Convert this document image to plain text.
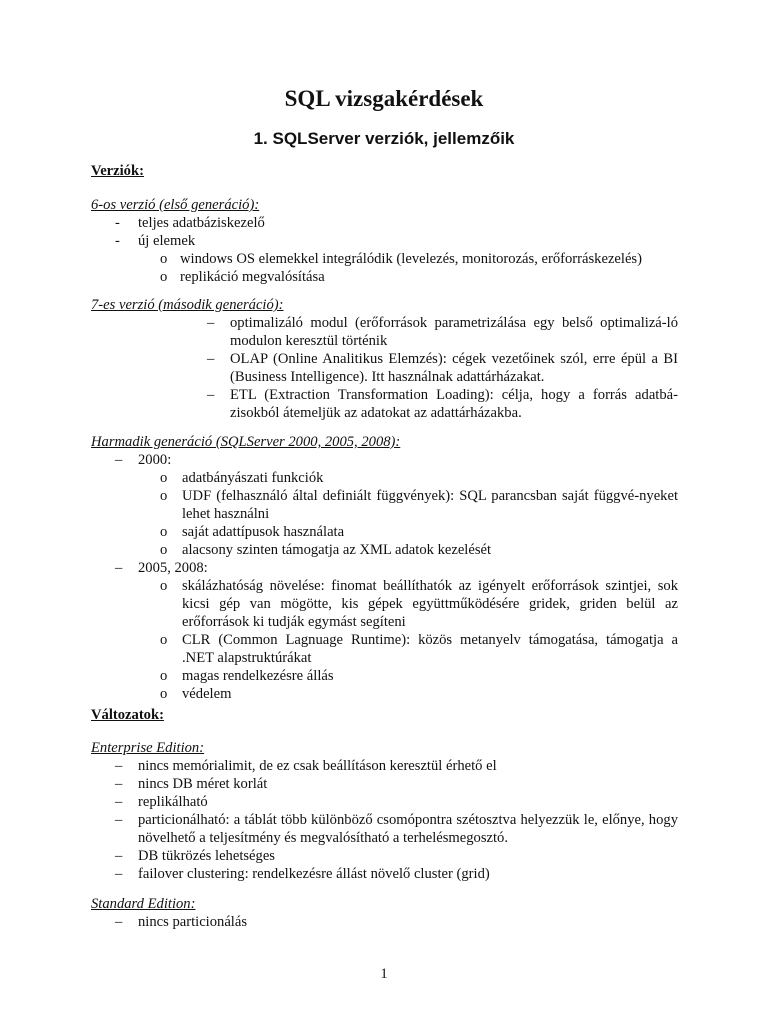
SQL vizsgakérdések
1. SQLServer verziók, jellemzőik
Verziók:
6-os verzió (első generáció):
- teljes adatbáziskezelő
- új elemek
o windows OS elemekkel integrálódik (levelezés, monitorozás, erőforráskezelés)
o replikáció megvalósítása
7-es verzió (második generáció):
– optimalizáló modul (erőforrások parametrizálása egy belső optimalizá-ló modulon keresztül történik
– OLAP (Online Analitikus Elemzés): cégek vezetőinek szól, erre épül a BI (Business Intelligence). Itt használnak adattárházakat.
– ETL (Extraction Transformation Loading): célja, hogy a forrás adatbá-zisokból átemeljük az adatokat az adattárházakba.
Harmadik generáció (SQLServer 2000, 2005, 2008):
– 2000:
o adatbányászati funkciók
o UDF (felhasználó által definiált függvények): SQL parancsban saját függvé-nyeket lehet használni
o saját adattípusok használata
o alacsony szinten támogatja az XML adatok kezelését
– 2005, 2008:
o skálázhatóság növelése: finomat beállíthatók az igényelt erőforrások szintjei, sok kicsi gép van mögötte, kis gépek együttműködésére gridek, griden belül az erőforrások ki tudják egymást segíteni
o CLR (Common Lagnuage Runtime): közös metanyelv támogatása, támogatja a .NET alapstruktúrákat
o magas rendelkezésre állás
o védelem
Változatok:
Enterprise Edition:
– nincs memórialimit, de ez csak beállításon keresztül érhető el
– nincs DB méret korlát
– replikálható
– particionálható: a táblát több különböző csomópontra szétosztva helyezzük le, előnye, hogy növelhető a teljesítmény és megvalósítható a terhelésmegosztó.
– DB tükrözés lehetséges
– failover clustering: rendelkezésre állást növelő cluster (grid)
Standard Edition:
– nincs particionálás
1
